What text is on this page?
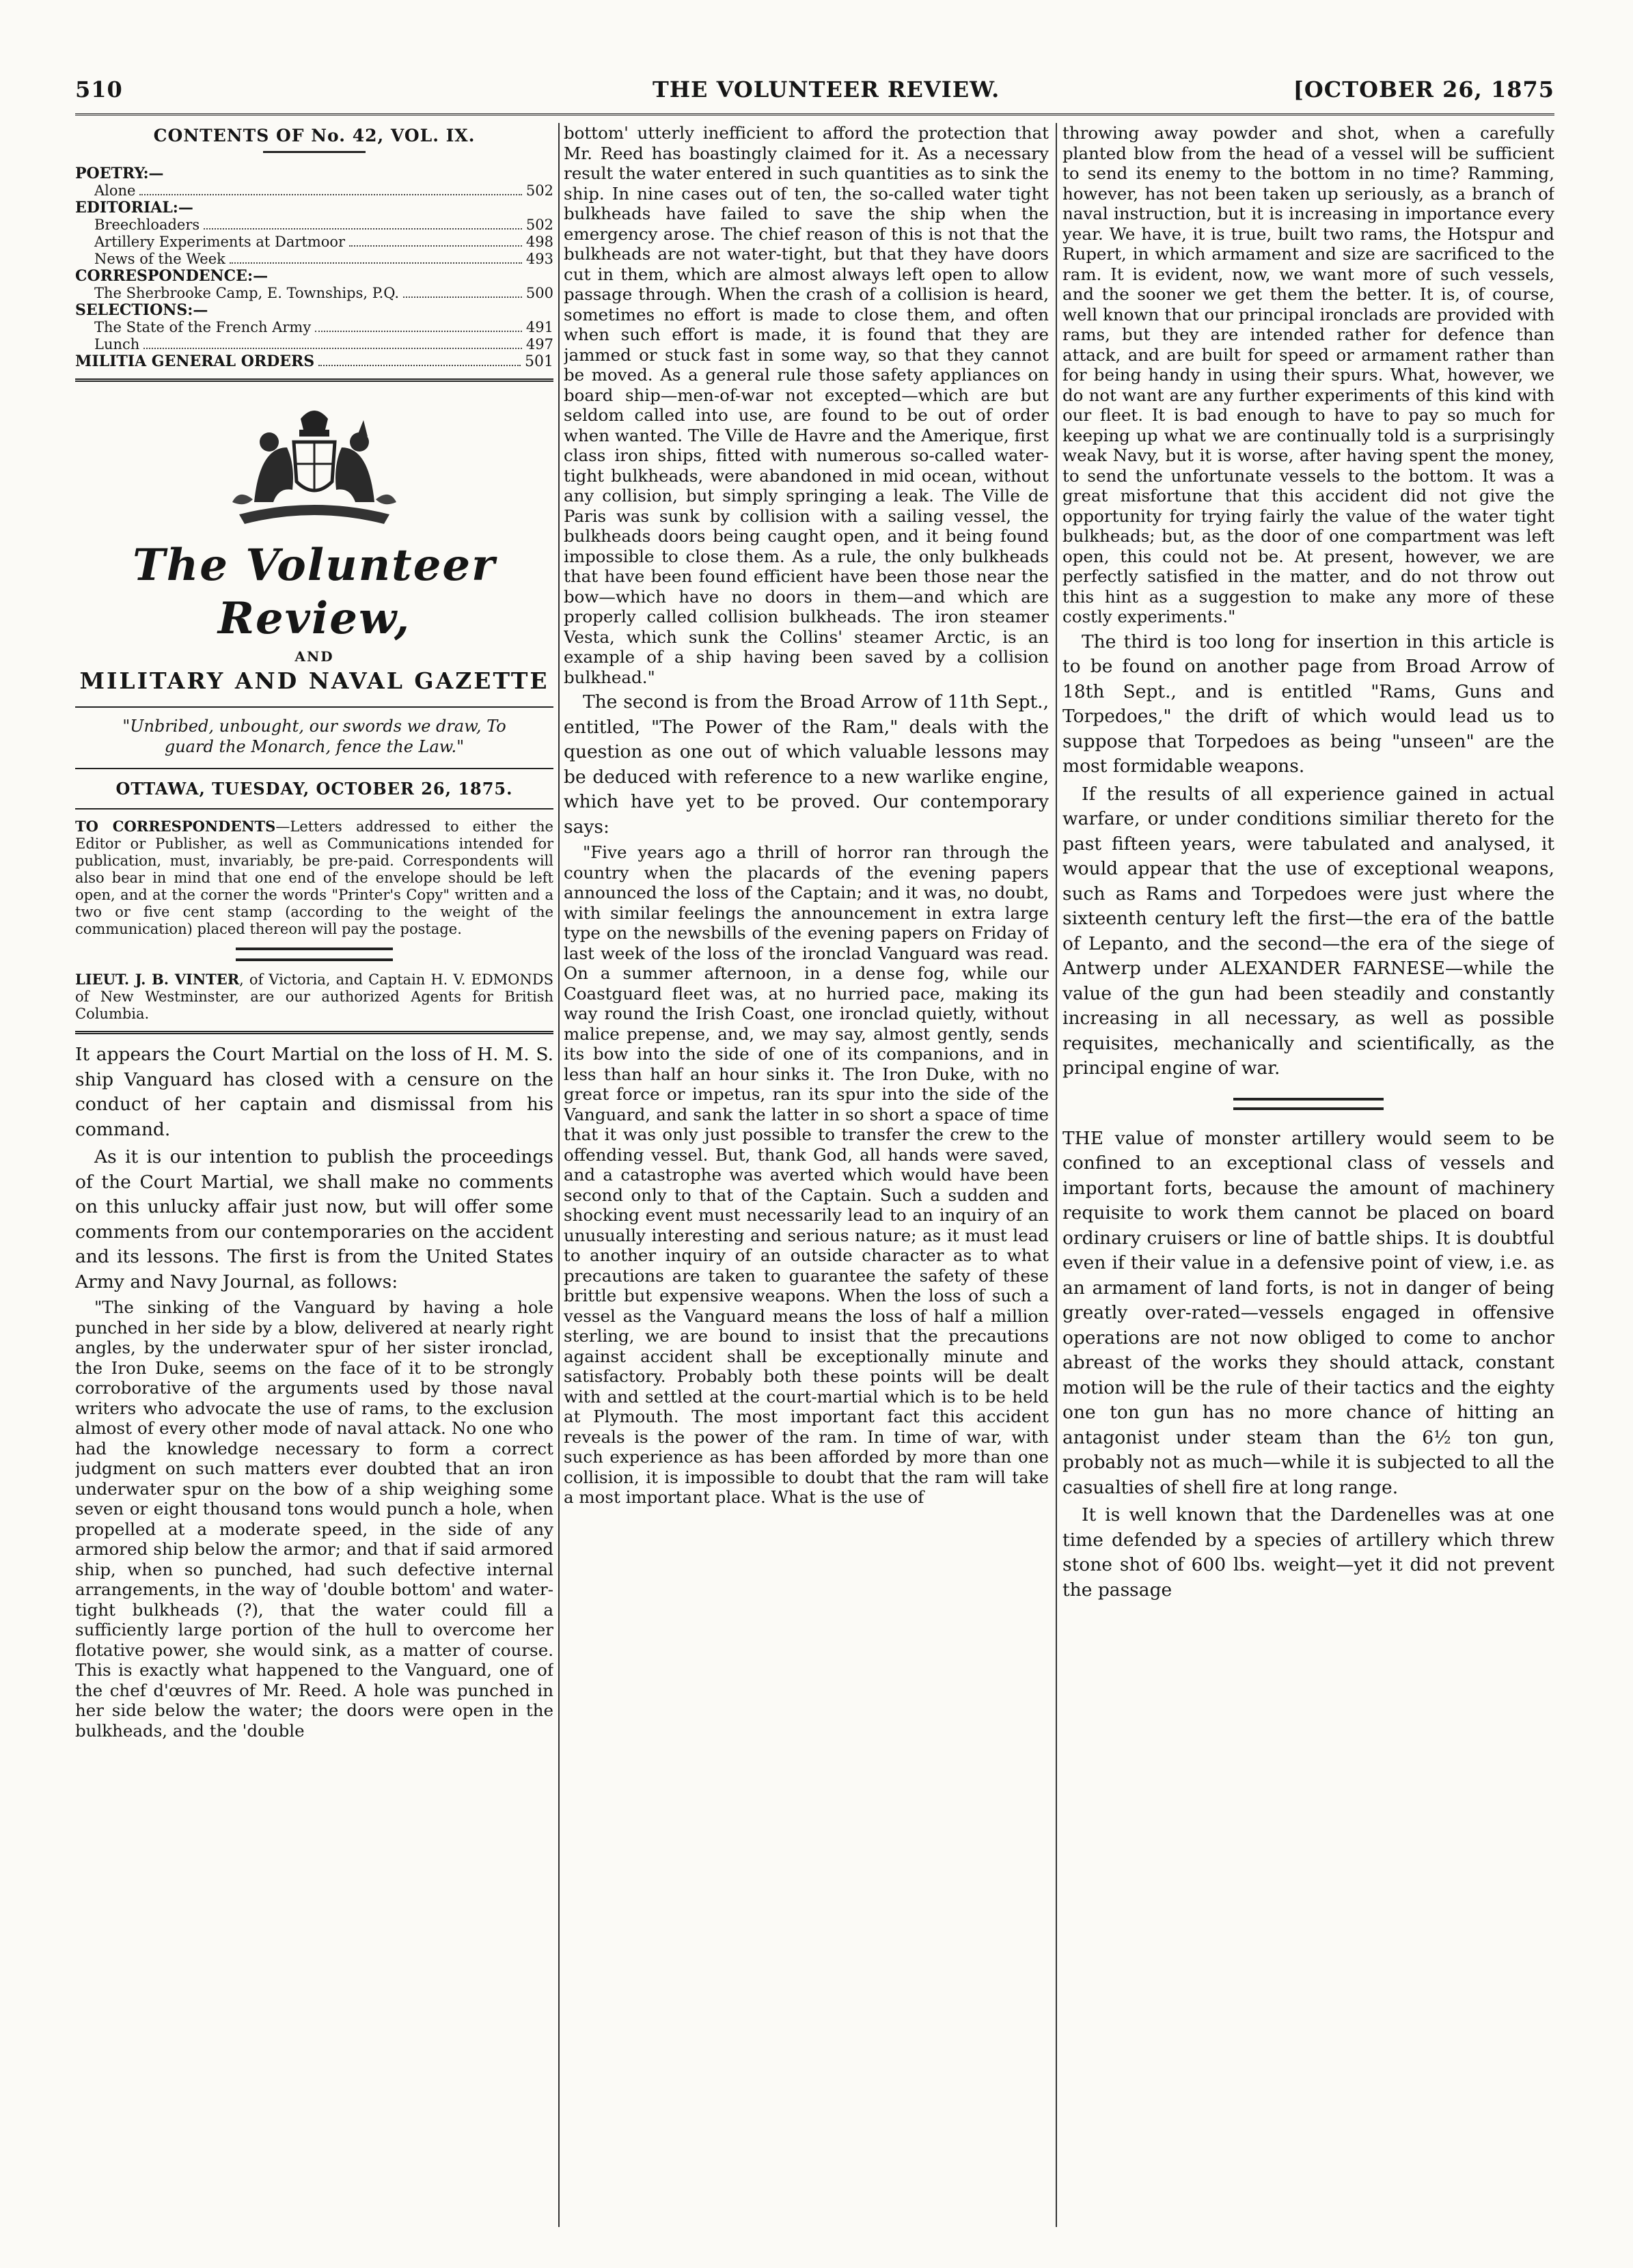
510	THE VOLUNTEER REVIEW.	[OCTOBER 26, 1875
CONTENTS OF No. 42, VOL. IX.
POETRY:—
Alone	502
EDITORIAL:—
Breechloaders	502
Artillery Experiments at Dartmoor	498
News of the Week	493
CORRESPONDENCE:—
The Sherbrooke Camp, E. Townships, P.Q.	500
SELECTIONS:—
The State of the French Army	491
Lunch	497
MILITIA GENERAL ORDERS	501
The Volunteer Review,
AND
MILITARY AND NAVAL GAZETTE
"Unbribed, unbought, our swords we draw, To guard the Monarch, fence the Law."
OTTAWA, TUESDAY, OCTOBER 26, 1875.
TO CORRESPONDENTS—Letters addressed to either the Editor or Publisher, as well as Communications intended for publication, must, invariably, be pre-paid. Correspondents will also bear in mind that one end of the envelope should be left open, and at the corner the words "Printer's Copy" written and a two or five cent stamp (according to the weight of the communication) placed thereon will pay the postage.
LIEUT. J. B. VINTER, of Victoria, and Captain H. V. EDMONDS of New Westminster, are our authorized Agents for British Columbia.

It appears the Court Martial on the loss of H. M. S. ship Vanguard has closed with a censure on the conduct of her captain and dismissal from his command.

As it is our intention to publish the proceedings of the Court Martial, we shall make no comments on this unlucky affair just now, but will offer some comments from our contemporaries on the accident and its lessons. The first is from the United States Army and Navy Journal, as follows:

"The sinking of the Vanguard by having a hole punched in her side by a blow, delivered at nearly right angles, by the underwater spur of her sister ironclad, the Iron Duke, seems on the face of it to be strongly corroborative of the arguments used by those naval writers who advocate the use of rams, to the exclusion almost of every other mode of naval attack. No one who had the knowledge necessary to form a correct judgment on such matters ever doubted that an iron underwater spur on the bow of a ship weighing some seven or eight thousand tons would punch a hole, when propelled at a moderate speed, in the side of any armored ship below the armor; and that if said armored ship, when so punched, had such defective internal arrangements, in the way of 'double bottom' and water-tight bulkheads (?), that the water could fill a sufficiently large portion of the hull to overcome her flotative power, she would sink, as a matter of course. This is exactly what happened to the Vanguard, one of the chef d'œuvres of Mr. Reed. A hole was punched in her side below the water; the doors were open in the bulkheads, and the 'double

bottom' utterly inefficient to afford the protection that Mr. Reed has boastingly claimed for it. As a necessary result the water entered in such quantities as to sink the ship. In nine cases out of ten, the so-called water tight bulkheads have failed to save the ship when the emergency arose. The chief reason of this is not that the bulkheads are not water-tight, but that they have doors cut in them, which are almost always left open to allow passage through. When the crash of a collision is heard, sometimes no effort is made to close them, and often when such effort is made, it is found that they are jammed or stuck fast in some way, so that they cannot be moved. As a general rule those safety appliances on board ship—men-of-war not excepted—which are but seldom called into use, are found to be out of order when wanted. The Ville de Havre and the Amerique, first class iron ships, fitted with numerous so-called water-tight bulkheads, were abandoned in mid ocean, without any collision, but simply springing a leak. The Ville de Paris was sunk by collision with a sailing vessel, the bulkheads doors being caught open, and it being found impossible to close them. As a rule, the only bulkheads that have been found efficient have been those near the bow—which have no doors in them—and which are properly called collision bulkheads. The iron steamer Vesta, which sunk the Collins' steamer Arctic, is an example of a ship having been saved by a collision bulkhead."

The second is from the Broad Arrow of 11th Sept., entitled, "The Power of the Ram," deals with the question as one out of which valuable lessons may be deduced with reference to a new warlike engine, which have yet to be proved. Our contemporary says:

"Five years ago a thrill of horror ran through the country when the placards of the evening papers announced the loss of the Captain; and it was, no doubt, with similar feelings the announcement in extra large type on the newsbills of the evening papers on Friday of last week of the loss of the ironclad Vanguard was read. On a summer afternoon, in a dense fog, while our Coastguard fleet was, at no hurried pace, making its way round the Irish Coast, one ironclad quietly, without malice prepense, and, we may say, almost gently, sends its bow into the side of one of its companions, and in less than half an hour sinks it. The Iron Duke, with no great force or impetus, ran its spur into the side of the Vanguard, and sank the latter in so short a space of time that it was only just possible to transfer the crew to the offending vessel. But, thank God, all hands were saved, and a catastrophe was averted which would have been second only to that of the Captain. Such a sudden and shocking event must necessarily lead to an inquiry of an unusually interesting and serious nature; as it must lead to another inquiry of an outside character as to what precautions are taken to guarantee the safety of these brittle but expensive weapons. When the loss of such a vessel as the Vanguard means the loss of half a million sterling, we are bound to insist that the precautions against accident shall be exceptionally minute and satisfactory. Probably both these points will be dealt with and settled at the court-martial which is to be held at Plymouth. The most important fact this accident reveals is the power of the ram. In time of war, with such experience as has been afforded by more than one collision, it is impossible to doubt that the ram will take a most important place. What is the use of

throwing away powder and shot, when a carefully planted blow from the head of a vessel will be sufficient to send its enemy to the bottom in no time? Ramming, however, has not been taken up seriously, as a branch of naval instruction, but it is increasing in importance every year. We have, it is true, built two rams, the Hotspur and Rupert, in which armament and size are sacrificed to the ram. It is evident, now, we want more of such vessels, and the sooner we get them the better. It is, of course, well known that our principal ironclads are provided with rams, but they are intended rather for defence than attack, and are built for speed or armament rather than for being handy in using their spurs. What, however, we do not want are any further experiments of this kind with our fleet. It is bad enough to have to pay so much for keeping up what we are continually told is a surprisingly weak Navy, but it is worse, after having spent the money, to send the unfortunate vessels to the bottom. It was a great misfortune that this accident did not give the opportunity for trying fairly the value of the water tight bulkheads; but, as the door of one compartment was left open, this could not be. At present, however, we are perfectly satisfied in the matter, and do not throw out this hint as a suggestion to make any more of these costly experiments."

The third is too long for insertion in this article is to be found on another page from Broad Arrow of 18th Sept., and is entitled "Rams, Guns and Torpedoes," the drift of which would lead us to suppose that Torpedoes as being "unseen" are the most formidable weapons.

If the results of all experience gained in actual warfare, or under conditions similiar thereto for the past fifteen years, were tabulated and analysed, it would appear that the use of exceptional weapons, such as Rams and Torpedoes were just where the sixteenth century left the first—the era of the battle of Lepanto, and the second—the era of the siege of Antwerp under ALEXANDER FARNESE—while the value of the gun had been steadily and constantly increasing in all necessary, as well as possible requisites, mechanically and scientifically, as the principal engine of war.

THE value of monster artillery would seem to be confined to an exceptional class of vessels and important forts, because the amount of machinery requisite to work them cannot be placed on board ordinary cruisers or line of battle ships. It is doubtful even if their value in a defensive point of view, i.e. as an armament of land forts, is not in danger of being greatly over-rated—vessels engaged in offensive operations are not now obliged to come to anchor abreast of the works they should attack, constant motion will be the rule of their tactics and the eighty one ton gun has no more chance of hitting an antagonist under steam than the 6½ ton gun, probably not as much—while it is subjected to all the casualties of shell fire at long range.

It is well known that the Dardenelles was at one time defended by a species of artillery which threw stone shot of 600 lbs. weight—yet it did not prevent the passage
